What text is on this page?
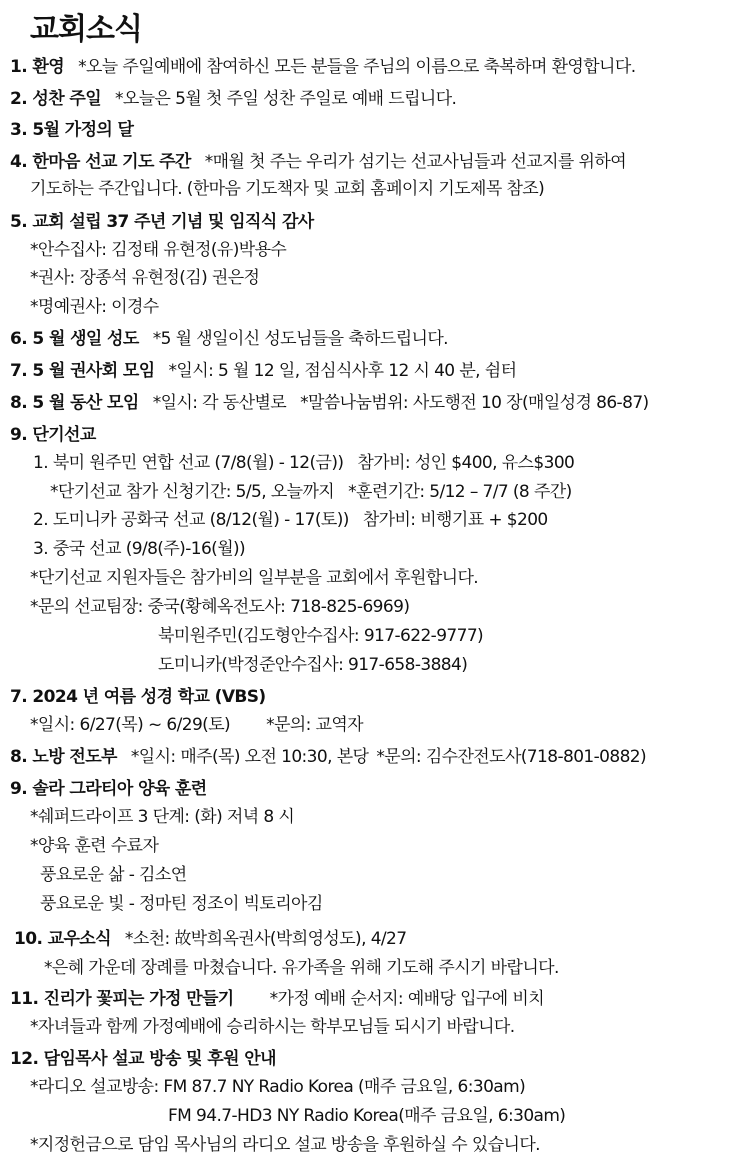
교회소식
1. 환영 *오늘 주일예배에 참여하신 모든 분들을 주님의 이름으로 축복하며 환영합니다.
2. 성찬 주일 *오늘은 5월 첫 주일 성찬 주일로 예배 드립니다.
3. 5월 가정의 달
4. 한마음 선교 기도 주간 *매월 첫 주는 우리가 섬기는 선교사님들과 선교지를 위하여
기도하는 주간입니다. (한마음 기도책자 및 교회 홈페이지 기도제목 참조)
5. 교회 설립 37 주년 기념 및 임직식 감사
*안수집사: 김정태 유현정(유)박용수
*권사: 장종석 유현정(김) 권은정
*명예권사: 이경수
6. 5 월 생일 성도 *5 월 생일이신 성도님들을 축하드립니다.
7. 5 월 권사회 모임 *일시: 5 월 12 일, 점심식사후 12 시 40 분, 쉼터
8. 5 월 동산 모임 *일시: 각 동산별로 *말씀나눔범위: 사도행전 10 장(매일성경 86-87)
9. 단기선교
1. 북미 원주민 연합 선교 (7/8(월) - 12(금)) 참가비: 성인 $400, 유스$300
*단기선교 참가 신청기간: 5/5, 오늘까지 *훈련기간: 5/12 – 7/7 (8 주간)
2. 도미니카 공화국 선교 (8/12(월) - 17(토)) 참가비: 비행기표 + $200
3. 중국 선교 (9/8(주)-16(월))
*단기선교 지원자들은 참가비의 일부분을 교회에서 후원합니다.
*문의 선교팀장: 중국(황혜옥전도사: 718-825-6969)
북미원주민(김도형안수집사: 917-622-9777)
도미니카(박정준안수집사: 917-658-3884)
7. 2024 년 여름 성경 학교 (VBS)
*일시: 6/27(목) ~ 6/29(토) *문의: 교역자
8. 노방 전도부 *일시: 매주(목) 오전 10:30, 본당 *문의: 김수잔전도사(718-801-0882)
9. 솔라 그라티아 양육 훈련
*쉐퍼드라이프 3 단계: (화) 저녁 8 시
*양육 훈련 수료자
풍요로운 삶 - 김소연
풍요로운 빛 - 정마틴 정조이 빅토리아김
10. 교우소식 *소천: 故박희옥권사(박희영성도), 4/27
*은혜 가운데 장례를 마쳤습니다. 유가족을 위해 기도해 주시기 바랍니다.
11. 진리가 꽃피는 가정 만들기 *가정 예배 순서지: 예배당 입구에 비치
*자녀들과 함께 가정예배에 승리하시는 학부모님들 되시기 바랍니다.
12. 담임목사 설교 방송 및 후원 안내
*라디오 설교방송: FM 87.7 NY Radio Korea (매주 금요일, 6:30am)
FM 94.7-HD3 NY Radio Korea(매주 금요일, 6:30am)
*지정헌금으로 담임 목사님의 라디오 설교 방송을 후원하실 수 있습니다.
